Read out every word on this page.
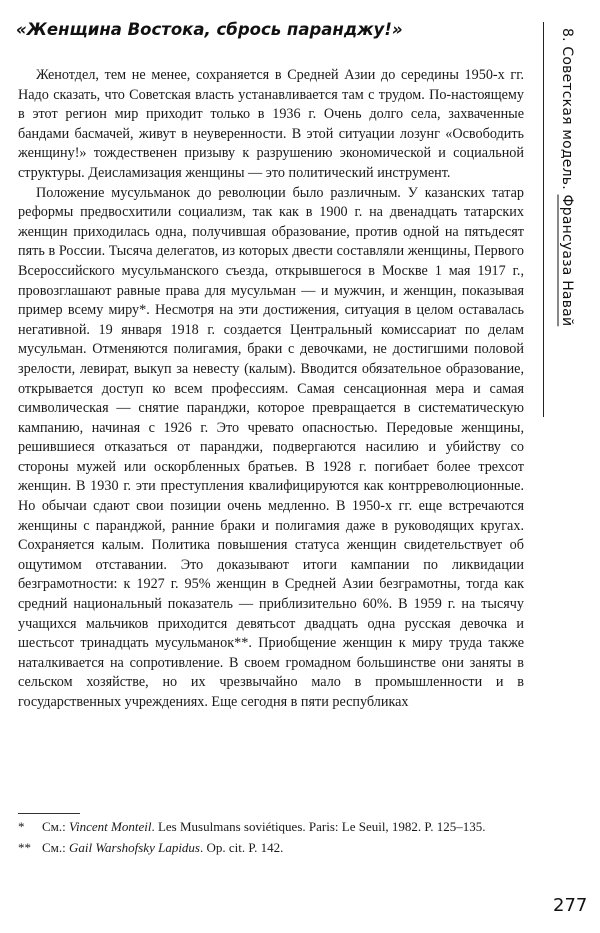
«Женщина Востока, сбрось паранджу!»	8. Советская модель. Франсуаза Навай

Женотдел, тем не менее, сохраняется в Средней Азии до середины 1950-х гг. Надо сказать, что Советская власть устанавливается там с трудом. По-настоящему в этот регион мир приходит только в 1936 г. Очень долго села, захваченные бандами басмачей, живут в неуверенности. В этой ситуации лозунг «Освободить женщину!» тождественен призыву к разрушению экономической и социальной структуры. Деисламизация женщины — это политический инструмент.

Положение мусульманок до революции было различным. У казанских татар реформы предвосхитили социализм, так как в 1900 г. на двенадцать татарских женщин приходилась одна, получившая образование, против одной на пятьдесят пять в России. Тысяча делегатов, из которых двести составляли женщины, Первого Всероссийского мусульманского съезда, открывшегося в Москве 1 мая 1917 г., провозглашают равные права для мусульман — и мужчин, и женщин, показывая пример всему миру*. Несмотря на эти достижения, ситуация в целом оставалась негативной. 19 января 1918 г. создается Центральный комиссариат по делам мусульман. Отменяются полигамия, браки с девочками, не достигшими половой зрелости, левират, выкуп за невесту (калым). Вводится обязательное образование, открывается доступ ко всем профессиям. Самая сенсационная мера и самая символическая — снятие паранджи, которое превращается в систематическую кампанию, начиная с 1926 г. Это чревато опасностью. Передовые женщины, решившиеся отказаться от паранджи, подвергаются насилию и убийству со стороны мужей или оскорбленных братьев. В 1928 г. погибает более трехсот женщин. В 1930 г. эти преступления квалифицируются как контрреволюционные. Но обычаи сдают свои позиции очень медленно. В 1950-х гг. еще встречаются женщины с паранджой, ранние браки и полигамия даже в руководящих кругах. Сохраняется калым. Политика повышения статуса женщин свидетельствует об ощутимом отставании. Это доказывают итоги кампании по ликвидации безграмотности: к 1927 г. 95% женщин в Средней Азии безграмотны, тогда как средний национальный показатель — приблизительно 60%. В 1959 г. на тысячу учащихся мальчиков приходится девятьсот двадцать одна русская девочка и шестьсот тринадцать мусульманок**. Приобщение женщин к миру труда также наталкивается на сопротивление. В своем громадном большинстве они заняты в сельском хозяйстве, но их чрезвычайно мало в промышленности и в государственных учреждениях. Еще сегодня в пяти республиках

* См.: Vincent Monteil. Les Musulmans soviétiques. Paris: Le Seuil, 1982. P. 125–135.

** См.: Gail Warshofsky Lapidus. Op. cit. P. 142.

277
